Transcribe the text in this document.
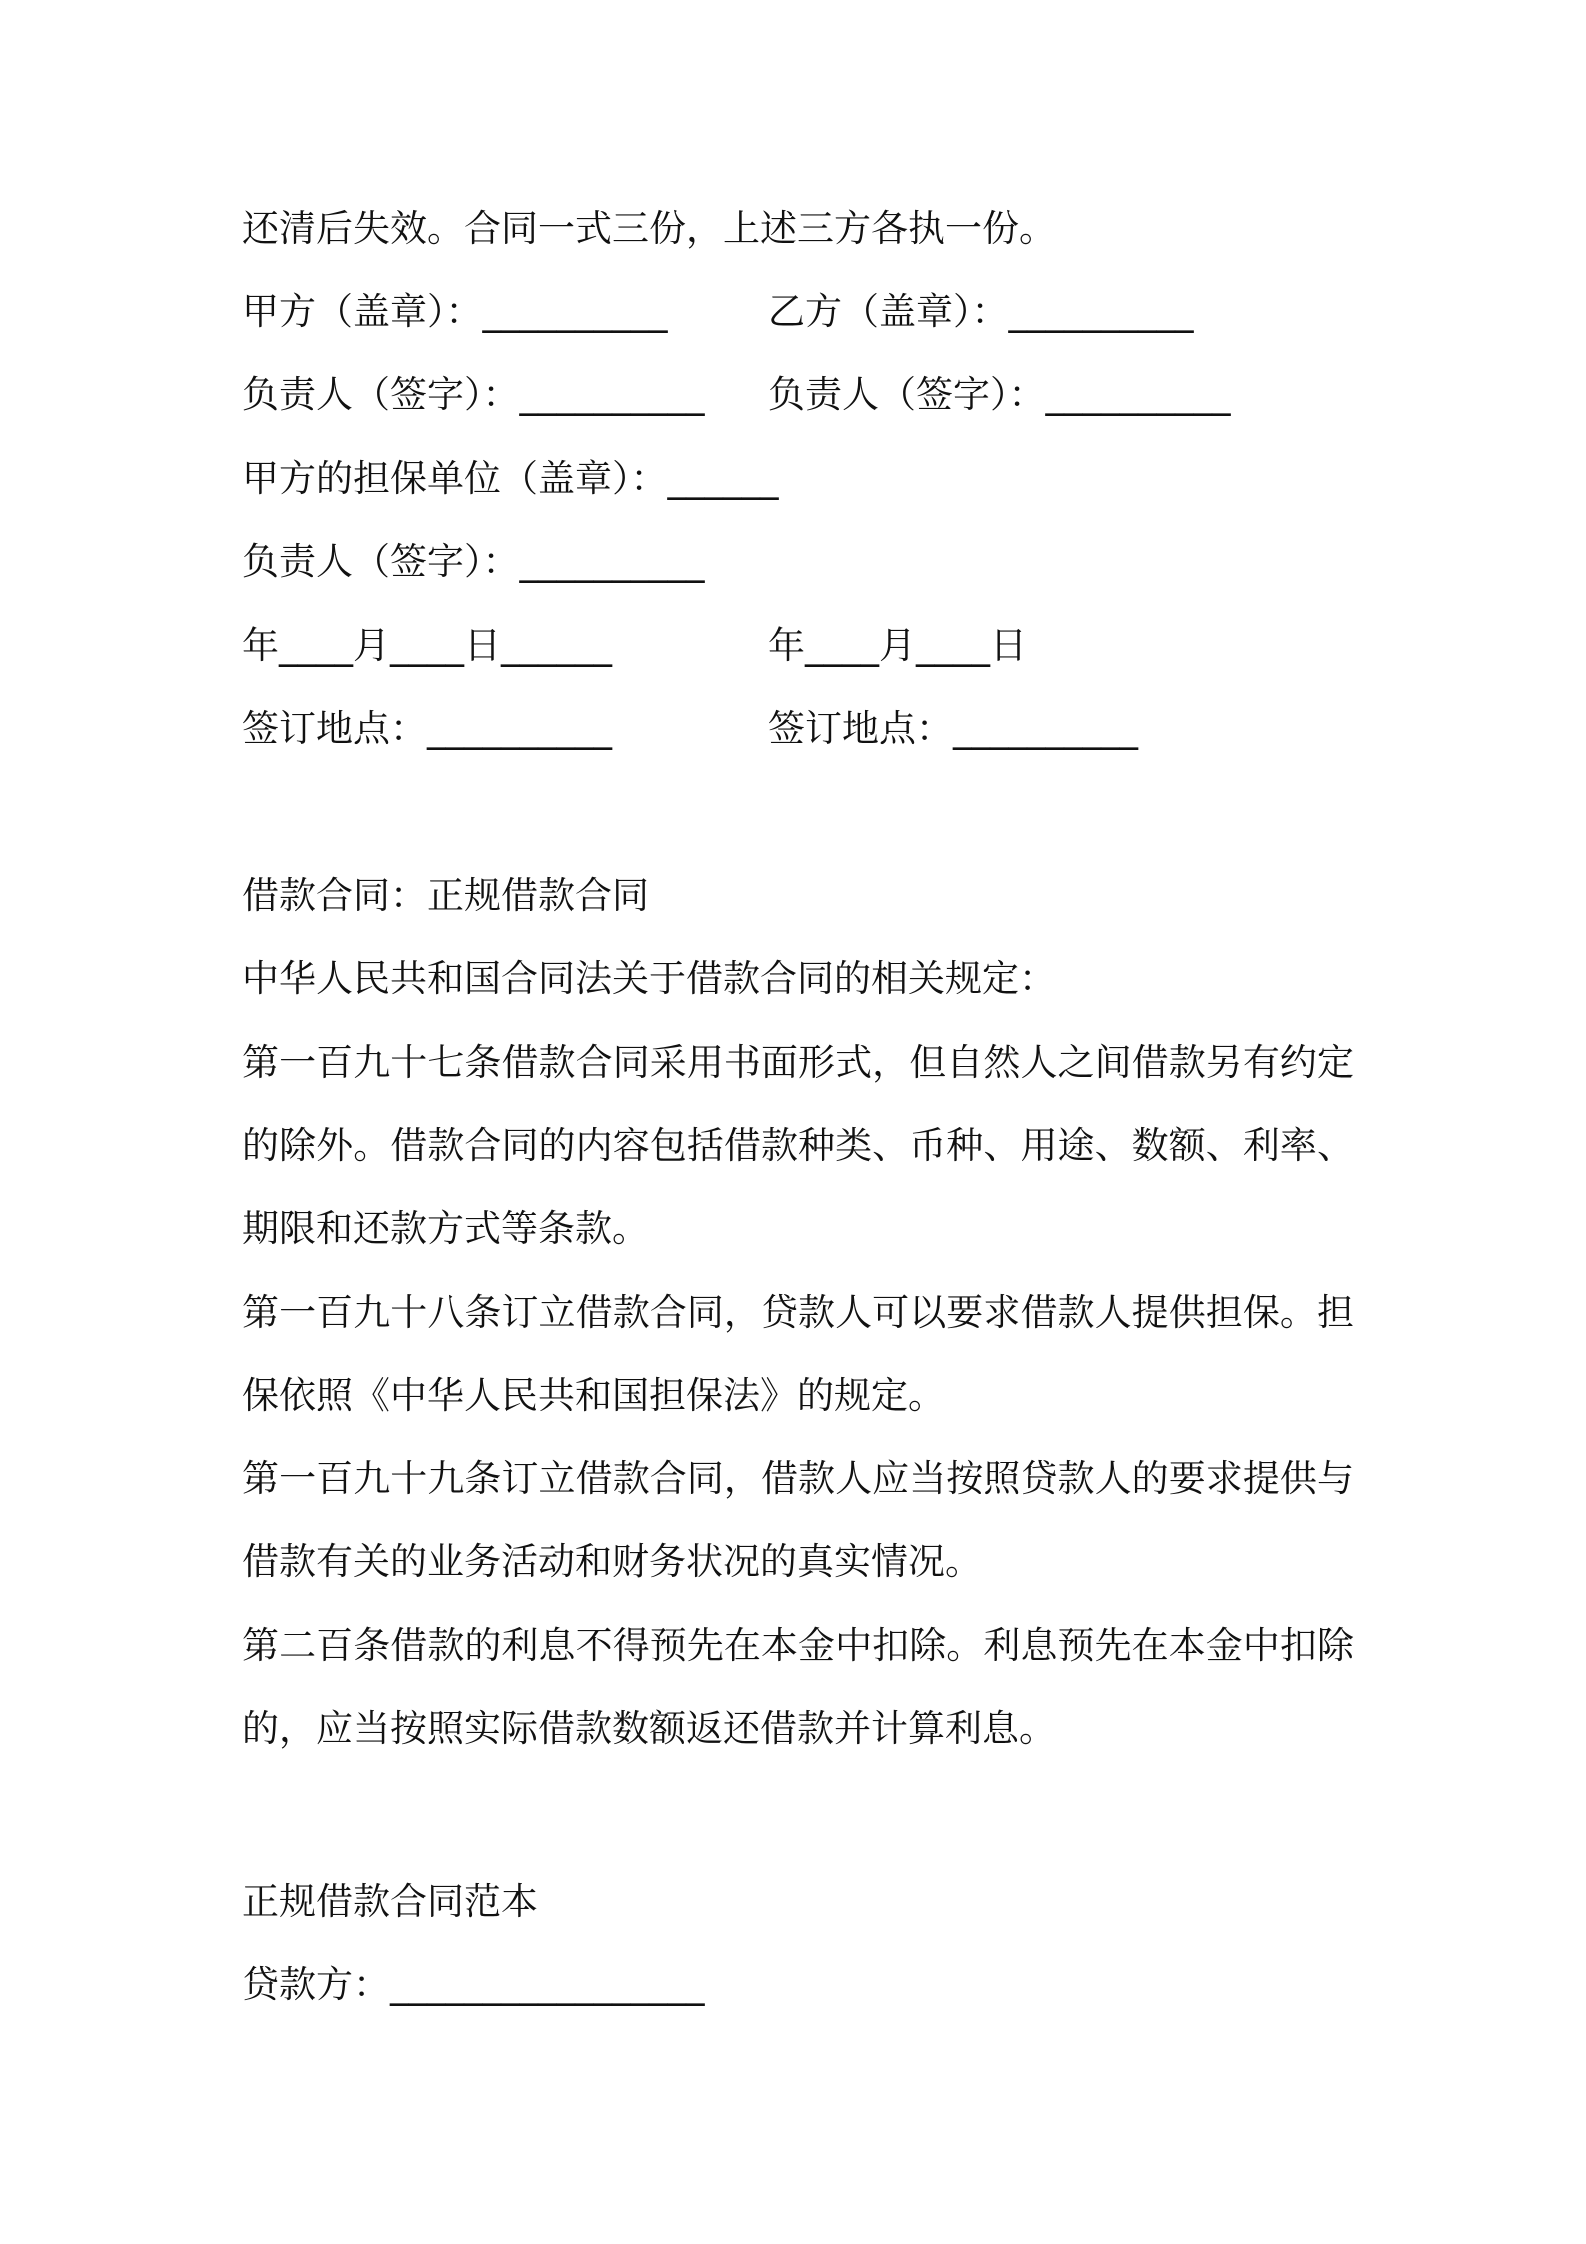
还清后失效。合同一式三份，上述三方各执一份。
甲方（盖章）：__________	乙方（盖章）：__________
负责人（签字）：__________ 负责人（签字）：__________
甲方的担保单位（盖章）：______
负责人（签字）：__________
年____月____日______	年____月____日
签订地点：__________	签订地点：__________
借款合同：正规借款合同
中华人民共和国合同法关于借款合同的相关规定：
第一百九十七条借款合同采用书面形式，但自然人之间借款另有约定的除外。借款合同的内容包括借款种类、币种、用途、数额、利率、期限和还款方式等条款。
第一百九十八条订立借款合同，贷款人可以要求借款人提供担保。担保依照《中华人民共和国担保法》的规定。
第一百九十九条订立借款合同，借款人应当按照贷款人的要求提供与借款有关的业务活动和财务状况的真实情况。
第二百条借款的利息不得预先在本金中扣除。利息预先在本金中扣除的，应当按照实际借款数额返还借款并计算利息。
正规借款合同范本
贷款方：_________________
